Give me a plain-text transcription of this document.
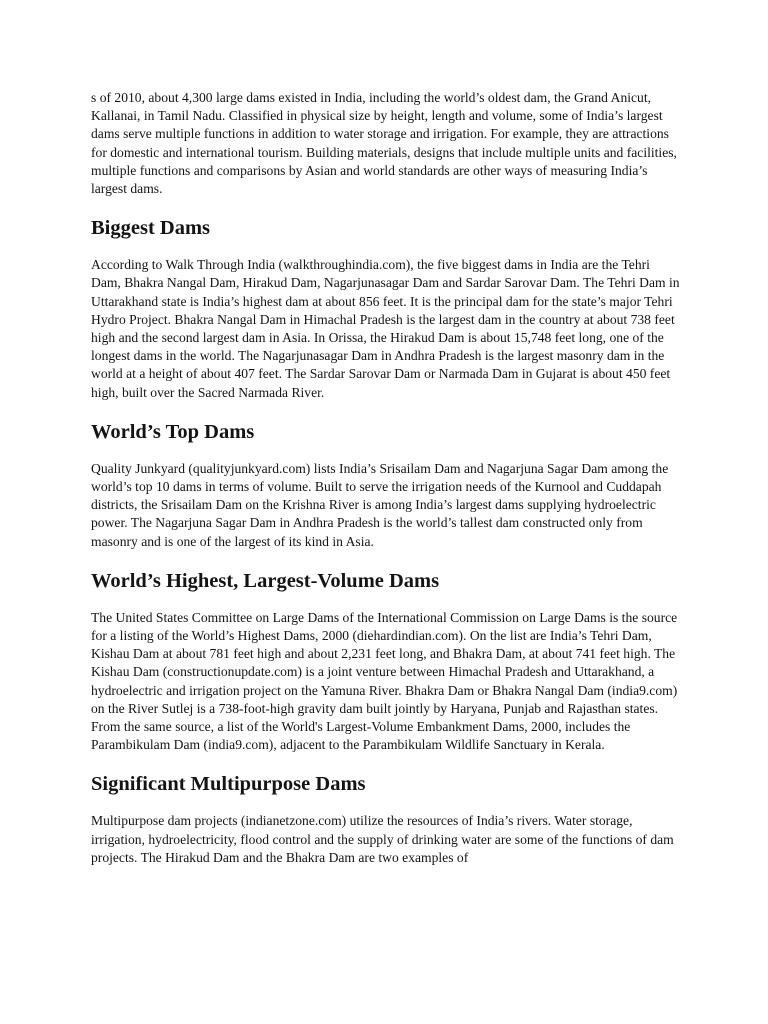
s of 2010, about 4,300 large dams existed in India, including the world’s oldest dam, the Grand Anicut, Kallanai, in Tamil Nadu. Classified in physical size by height, length and volume, some of India’s largest dams serve multiple functions in addition to water storage and irrigation. For example, they are attractions for domestic and international tourism. Building materials, designs that include multiple units and facilities, multiple functions and comparisons by Asian and world standards are other ways of measuring India’s largest dams.

Biggest Dams

According to Walk Through India (walkthroughindia.com), the five biggest dams in India are the Tehri Dam, Bhakra Nangal Dam, Hirakud Dam, Nagarjunasagar Dam and Sardar Sarovar Dam. The Tehri Dam in Uttarakhand state is India’s highest dam at about 856 feet. It is the principal dam for the state’s major Tehri Hydro Project. Bhakra Nangal Dam in Himachal Pradesh is the largest dam in the country at about 738 feet high and the second largest dam in Asia. In Orissa, the Hirakud Dam is about 15,748 feet long, one of the longest dams in the world. The Nagarjunasagar Dam in Andhra Pradesh is the largest masonry dam in the world at a height of about 407 feet. The Sardar Sarovar Dam or Narmada Dam in Gujarat is about 450 feet high, built over the Sacred Narmada River.

World’s Top Dams

Quality Junkyard (qualityjunkyard.com) lists India’s Srisailam Dam and Nagarjuna Sagar Dam among the world’s top 10 dams in terms of volume. Built to serve the irrigation needs of the Kurnool and Cuddapah districts, the Srisailam Dam on the Krishna River is among India’s largest dams supplying hydroelectric power. The Nagarjuna Sagar Dam in Andhra Pradesh is the world’s tallest dam constructed only from masonry and is one of the largest of its kind in Asia.

World’s Highest, Largest-Volume Dams

The United States Committee on Large Dams of the International Commission on Large Dams is the source for a listing of the World’s Highest Dams, 2000 (diehardindian.com). On the list are India’s Tehri Dam, Kishau Dam at about 781 feet high and about 2,231 feet long, and Bhakra Dam, at about 741 feet high. The Kishau Dam (constructionupdate.com) is a joint venture between Himachal Pradesh and Uttarakhand, a hydroelectric and irrigation project on the Yamuna River. Bhakra Dam or Bhakra Nangal Dam (india9.com) on the River Sutlej is a 738-foot-high gravity dam built jointly by Haryana, Punjab and Rajasthan states. From the same source, a list of the World's Largest-Volume Embankment Dams, 2000, includes the Parambikulam Dam (india9.com), adjacent to the Parambikulam Wildlife Sanctuary in Kerala.

Significant Multipurpose Dams

Multipurpose dam projects (indianetzone.com) utilize the resources of India’s rivers. Water storage, irrigation, hydroelectricity, flood control and the supply of drinking water are some of the functions of dam projects. The Hirakud Dam and the Bhakra Dam are two examples of
